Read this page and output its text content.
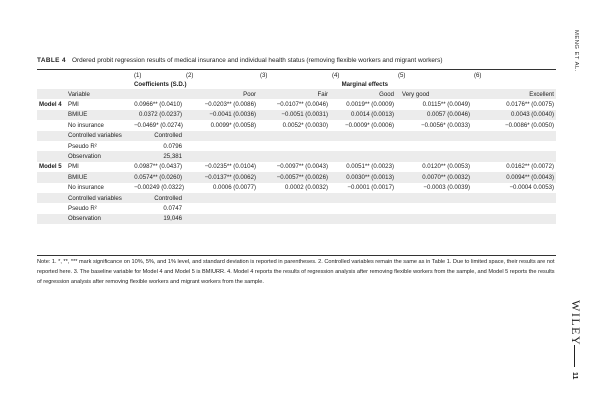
MENG ET AL.
TABLE 4 Ordered probit regression results of medical insurance and individual health status (removing flexible workers and migrant workers)
		(1)	(2)	(3)	(4)	(5)	(6)
		Coefficients (S.D.)		Marginal effects			
	Variable		Poor	Fair	Good	Very good	Excellent
Model 4	PMI	0.0966** (0.0410)	−0.0203** (0.0086)	−0.0107** (0.0046)	0.0019** (0.0009)	0.0115** (0.0049)	0.0176** (0.0075)
	BMIUE	0.0372 (0.0237)	−0.0041 (0.0036)	−0.0051 (0.0031)	0.0014 (0.0013)	0.0057 (0.0046)	0.0043 (0.0040)
	No insurance	−0.0469* (0.0274)	0.0099* (0.0058)	0.0052* (0.0030)	−0.0009* (0.0006)	−0.0056* (0.0033)	−0.0086* (0.0050)
	Controlled variables	Controlled					
	Pseudo R²	0.0796					
	Observation	25,381					
Model 5	PMI	0.0987** (0.0437)	−0.0235** (0.0104)	−0.0097** (0.0043)	0.0051** (0.0023)	0.0120** (0.0053)	0.0162** (0.0072)
	BMIUE	0.0574** (0.0260)	−0.0137** (0.0062)	−0.0057** (0.0026)	0.0030** (0.0013)	0.0070** (0.0032)	0.0094** (0.0043)
	No insurance	−0.00249 (0.0322)	0.0006 (0.0077)	0.0002 (0.0032)	−0.0001 (0.0017)	−0.0003 (0.0039)	−0.0004 0.0053)
	Controlled variables	Controlled					
	Pseudo R²	0.0747					
	Observation	19,046					
Note: 1. *, **, *** mark significance on 10%, 5%, and 1% level, and standard deviation is reported in parentheses. 2. Controlled variables remain the same as in Table 1. Due to limited space, their results are not reported here. 3. The baseline variable for Model 4 and Model 5 is BMIURR. 4. Model 4 reports the results of regression analysis after removing flexible workers from the sample, and Model 5 reports the results of regression analysis after removing flexible workers and migrant workers from the sample.
WILEY
11
